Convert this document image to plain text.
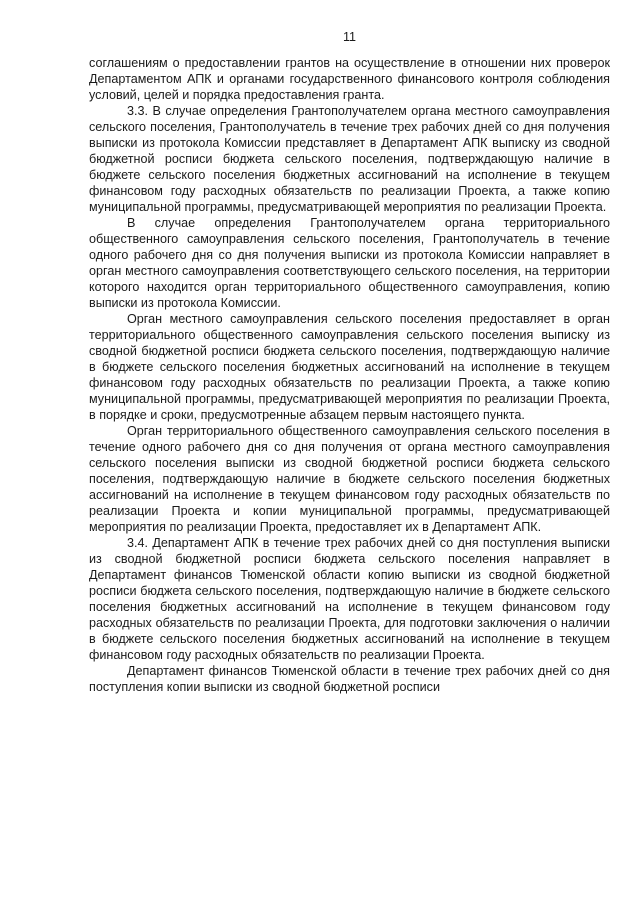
11

соглашениям о предоставлении грантов на осуществление в отношении них проверок Департаментом АПК и органами государственного финансового контроля соблюдения условий, целей и порядка предоставления гранта.

3.3. В случае определения Грантополучателем органа местного самоуправления сельского поселения, Грантополучатель в течение трех рабочих дней со дня получения выписки из протокола Комиссии представляет в Департамент АПК выписку из сводной бюджетной росписи бюджета сельского поселения, подтверждающую наличие в бюджете сельского поселения бюджетных ассигнований на исполнение в текущем финансовом году расходных обязательств по реализации Проекта, а также копию муниципальной программы, предусматривающей мероприятия по реализации Проекта.

В случае определения Грантополучателем органа территориального общественного самоуправления сельского поселения, Грантополучатель в течение одного рабочего дня со дня получения выписки из протокола Комиссии направляет в орган местного самоуправления соответствующего сельского поселения, на территории которого находится орган территориального общественного самоуправления, копию выписки из протокола Комиссии.

Орган местного самоуправления сельского поселения предоставляет в орган территориального общественного самоуправления сельского поселения выписку из сводной бюджетной росписи бюджета сельского поселения, подтверждающую наличие в бюджете сельского поселения бюджетных ассигнований на исполнение в текущем финансовом году расходных обязательств по реализации Проекта, а также копию муниципальной программы, предусматривающей мероприятия по реализации Проекта, в порядке и сроки, предусмотренные абзацем первым настоящего пункта.

Орган территориального общественного самоуправления сельского поселения в течение одного рабочего дня со дня получения от органа местного самоуправления сельского поселения выписки из сводной бюджетной росписи бюджета сельского поселения, подтверждающую наличие в бюджете сельского поселения бюджетных ассигнований на исполнение в текущем финансовом году расходных обязательств по реализации Проекта и копии муниципальной программы, предусматривающей мероприятия по реализации Проекта, предоставляет их в Департамент АПК.

3.4. Департамент АПК в течение трех рабочих дней со дня поступления выписки из сводной бюджетной росписи бюджета сельского поселения направляет в Департамент финансов Тюменской области копию выписки из сводной бюджетной росписи бюджета сельского поселения, подтверждающую наличие в бюджете сельского поселения бюджетных ассигнований на исполнение в текущем финансовом году расходных обязательств по реализации Проекта, для подготовки заключения о наличии в бюджете сельского поселения бюджетных ассигнований на исполнение в текущем финансовом году расходных обязательств по реализации Проекта.

Департамент финансов Тюменской области в течение трех рабочих дней со дня поступления копии выписки из сводной бюджетной росписи
